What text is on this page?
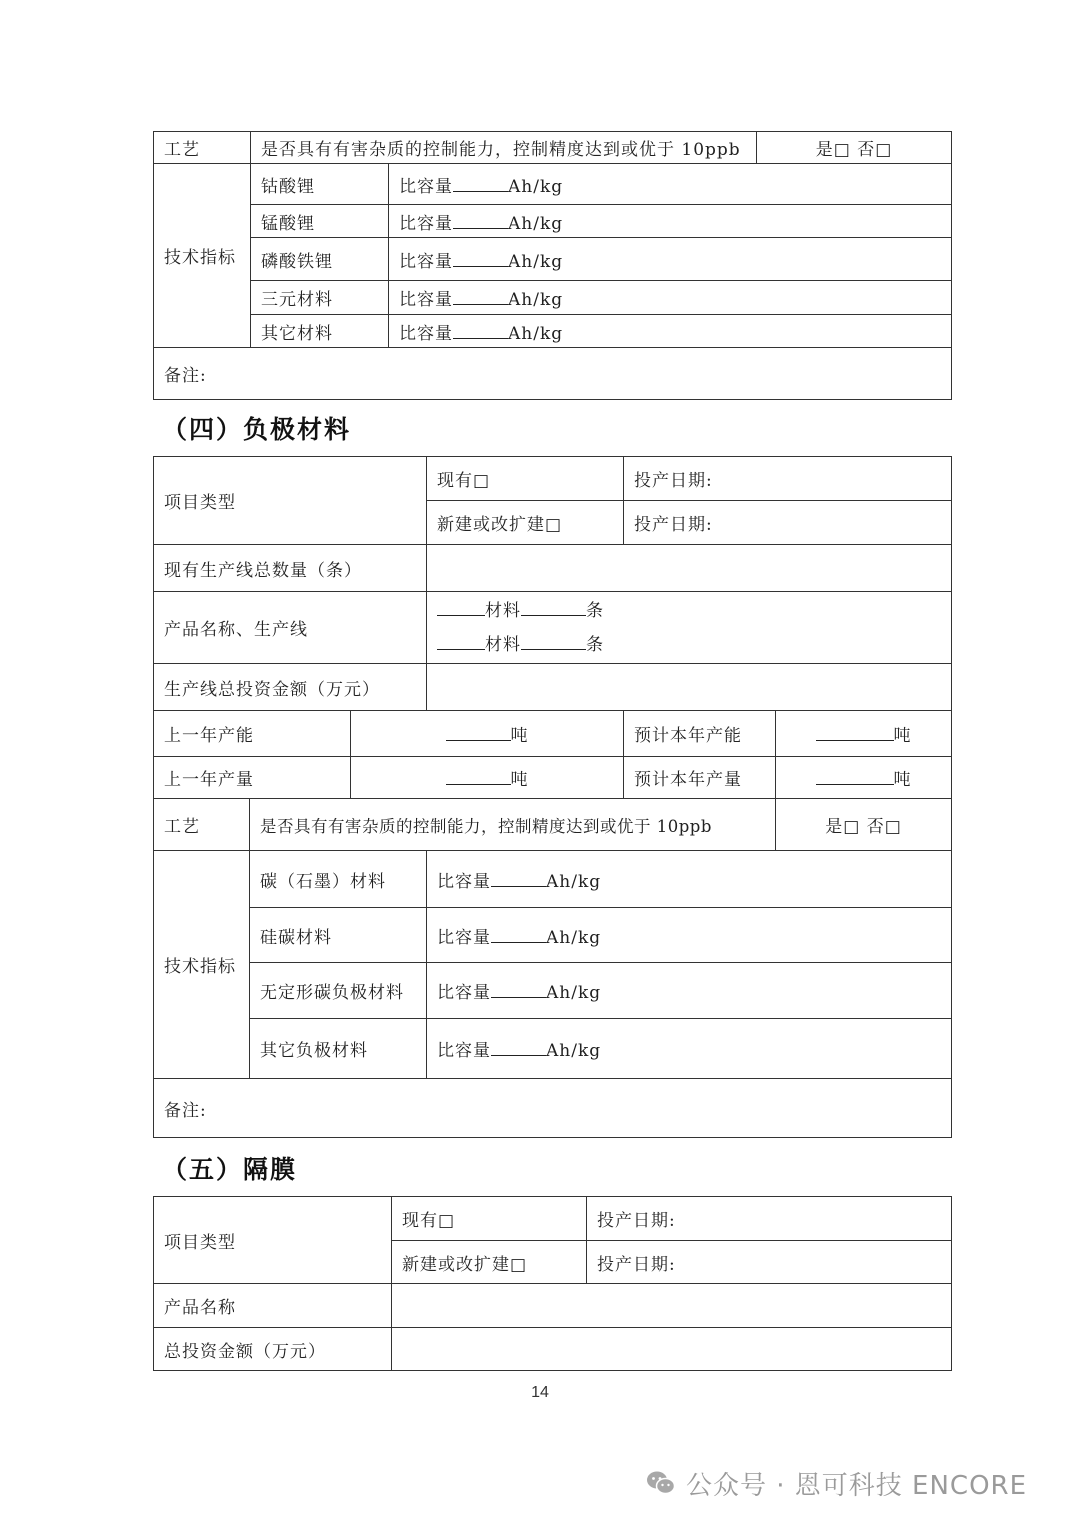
工艺	是否具有有害杂质的控制能力，控制精度达到或优于 10ppb		是□ 否□
技术指标	钴酸锂	比容量 Ah/kg	
	锰酸锂	比容量 Ah/kg	
	磷酸铁锂	比容量 Ah/kg	
	三元材料	比容量 Ah/kg	
	其它材料	比容量 Ah/kg	
备注:			
（四）负极材料
项目类型			现有□	投产日期:	
			新建或改扩建□	投产日期:	
现有生产线总数量（条）					
产品名称、生产线			材料 条
材料 条		

生产线总投资金额（万元）					
上一年产能		吨		预计本年产能	吨
上一年产量		吨		预计本年产量	吨
工艺	是否具有有害杂质的控制能力，控制精度达到或优于 10ppb				是□ 否□
技术指标	碳（石墨）材料		比容量 Ah/kg		
	硅碳材料		比容量 Ah/kg		
	无定形碳负极材料		比容量 Ah/kg		
	其它负极材料		比容量 Ah/kg		
备注:					
（五）隔膜
项目类型	现有□	投产日期:
	新建或改扩建□	投产日期:
产品名称		
总投资金额（万元）		
14
公众号 · 恩可科技 ENCORE
